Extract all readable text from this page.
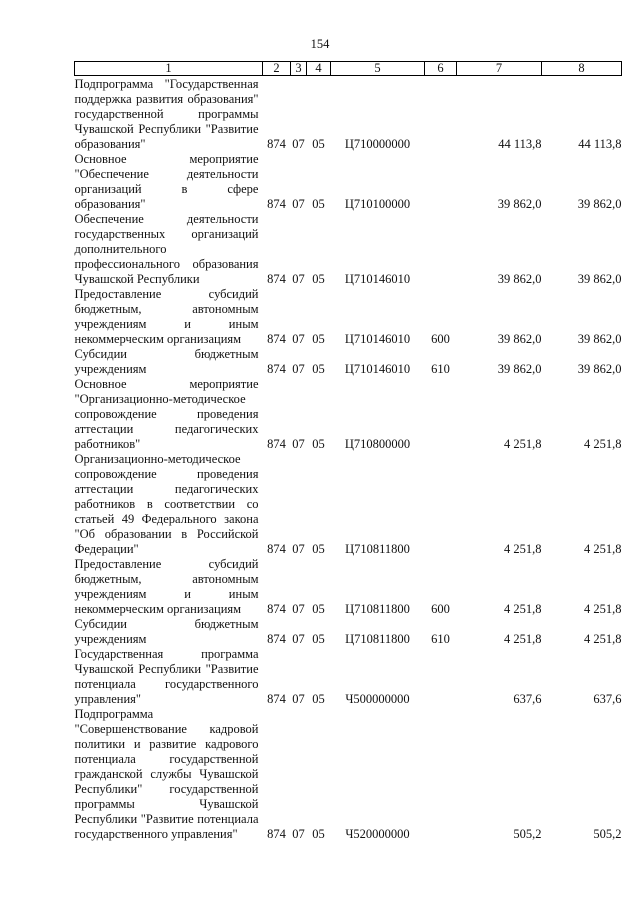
154
1	2	3	4	5	6	7	8
Подпрограмма "Государственная поддержка развития образования" государственной программы Чувашской Республики "Развитие образования"	874	07	05	Ц710000000		44 113,8	44 113,8
Основное мероприятие "Обеспечение деятельности организаций в сфере образования"	874	07	05	Ц710100000		39 862,0	39 862,0
Обеспечение деятельности государственных организаций дополнительного профессионального образования Чувашской Республики	874	07	05	Ц710146010		39 862,0	39 862,0
Предоставление субсидий бюджетным, автономным учреждениям и иным некоммерческим организациям	874	07	05	Ц710146010	600	39 862,0	39 862,0
Субсидии бюджетным учреждениям	874	07	05	Ц710146010	610	39 862,0	39 862,0
Основное мероприятие "Организационно-методическое сопровождение проведения аттестации педагогических работников"	874	07	05	Ц710800000		4 251,8	4 251,8
Организационно-методическое сопровождение проведения аттестации педагогических работников в соответствии со статьей 49 Федерального закона "Об образовании в Российской Федерации"	874	07	05	Ц710811800		4 251,8	4 251,8
Предоставление субсидий бюджетным, автономным учреждениям и иным некоммерческим организациям	874	07	05	Ц710811800	600	4 251,8	4 251,8
Субсидии бюджетным учреждениям	874	07	05	Ц710811800	610	4 251,8	4 251,8
Государственная программа Чувашской Республики "Развитие потенциала государственного управления"	874	07	05	Ч500000000		637,6	637,6
Подпрограмма "Совершенствование кадровой политики и развитие кадрового потенциала государственной гражданской службы Чувашской Республики" государственной программы Чувашской Республики "Развитие потенциала государственного управления"	874	07	05	Ч520000000		505,2	505,2
